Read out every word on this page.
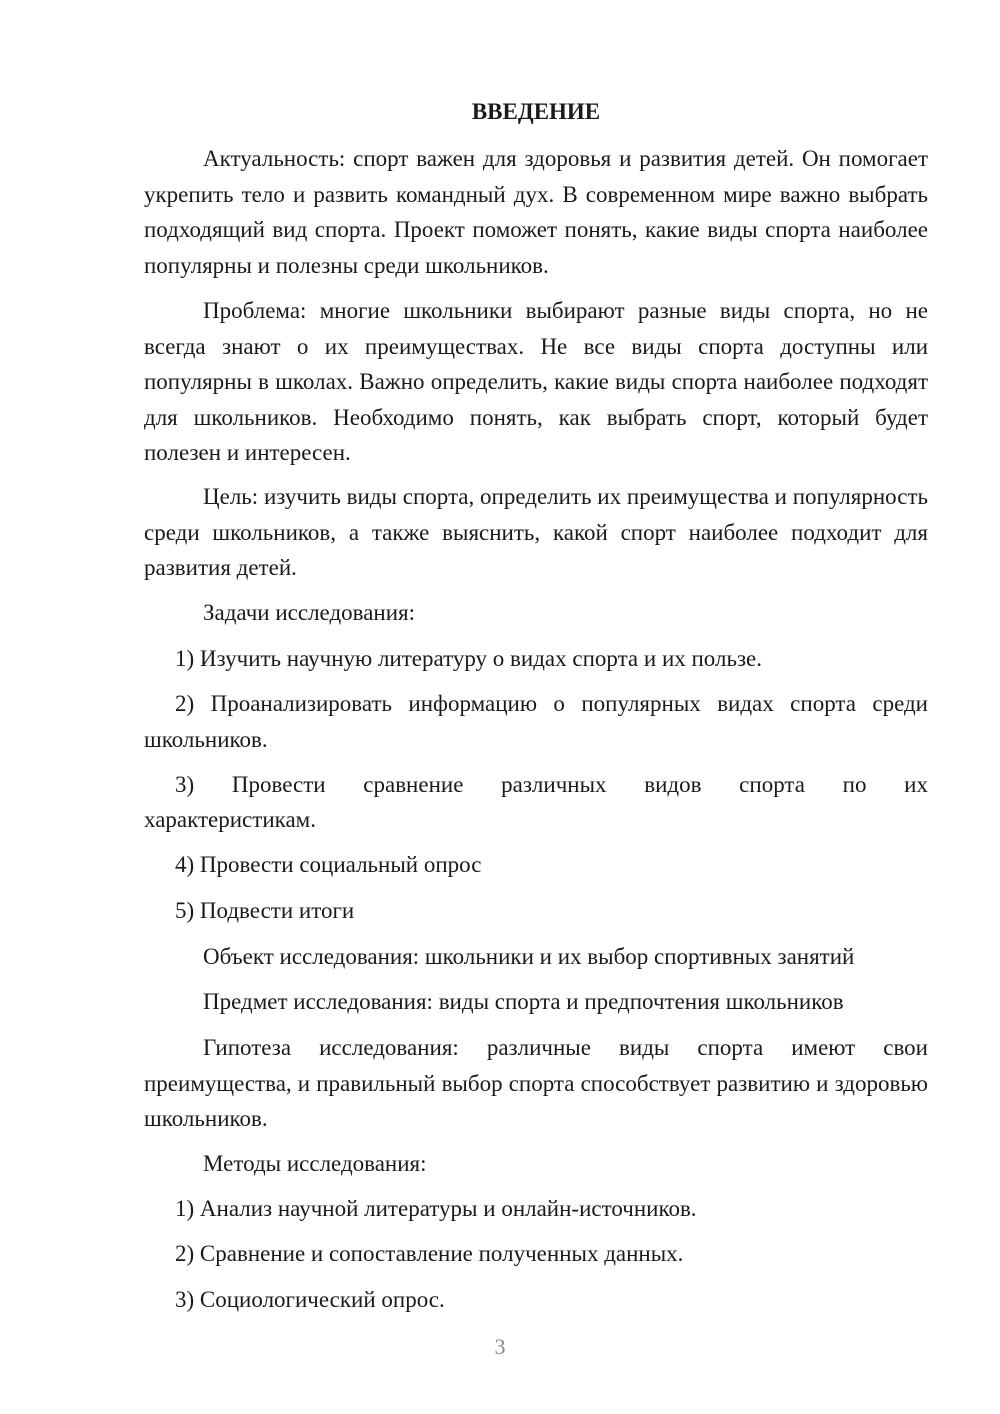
ВВЕДЕНИЕ

Актуальность: спорт важен для здоровья и развития детей. Он помогает укрепить тело и развить командный дух. В современном мире важно выбрать подходящий вид спорта. Проект поможет понять, какие виды спорта наиболее популярны и полезны среди школьников.

Проблема: многие школьники выбирают разные виды спорта, но не всегда знают о их преимуществах. Не все виды спорта доступны или популярны в школах. Важно определить, какие виды спорта наиболее подходят для школьников. Необходимо понять, как выбрать спорт, который будет полезен и интересен.

Цель: изучить виды спорта, определить их преимущества и популярность среди школьников, а также выяснить, какой спорт наиболее подходит для развития детей.

Задачи исследования:

1) Изучить научную литературу о видах спорта и их пользе.

2) Проанализировать информацию о популярных видах спорта среди школьников.

3) Провести сравнение различных видов спорта по их

характеристикам.

4) Провести социальный опрос

5) Подвести итоги

Объект исследования: школьники и их выбор спортивных занятий

Предмет исследования: виды спорта и предпочтения школьников

Гипотеза исследования: различные виды спорта имеют свои преимущества, и правильный выбор спорта способствует развитию и здоровью школьников.

Методы исследования:

1) Анализ научной литературы и онлайн-источников.

2) Сравнение и сопоставление полученных данных.

3) Социологический опрос.

3
